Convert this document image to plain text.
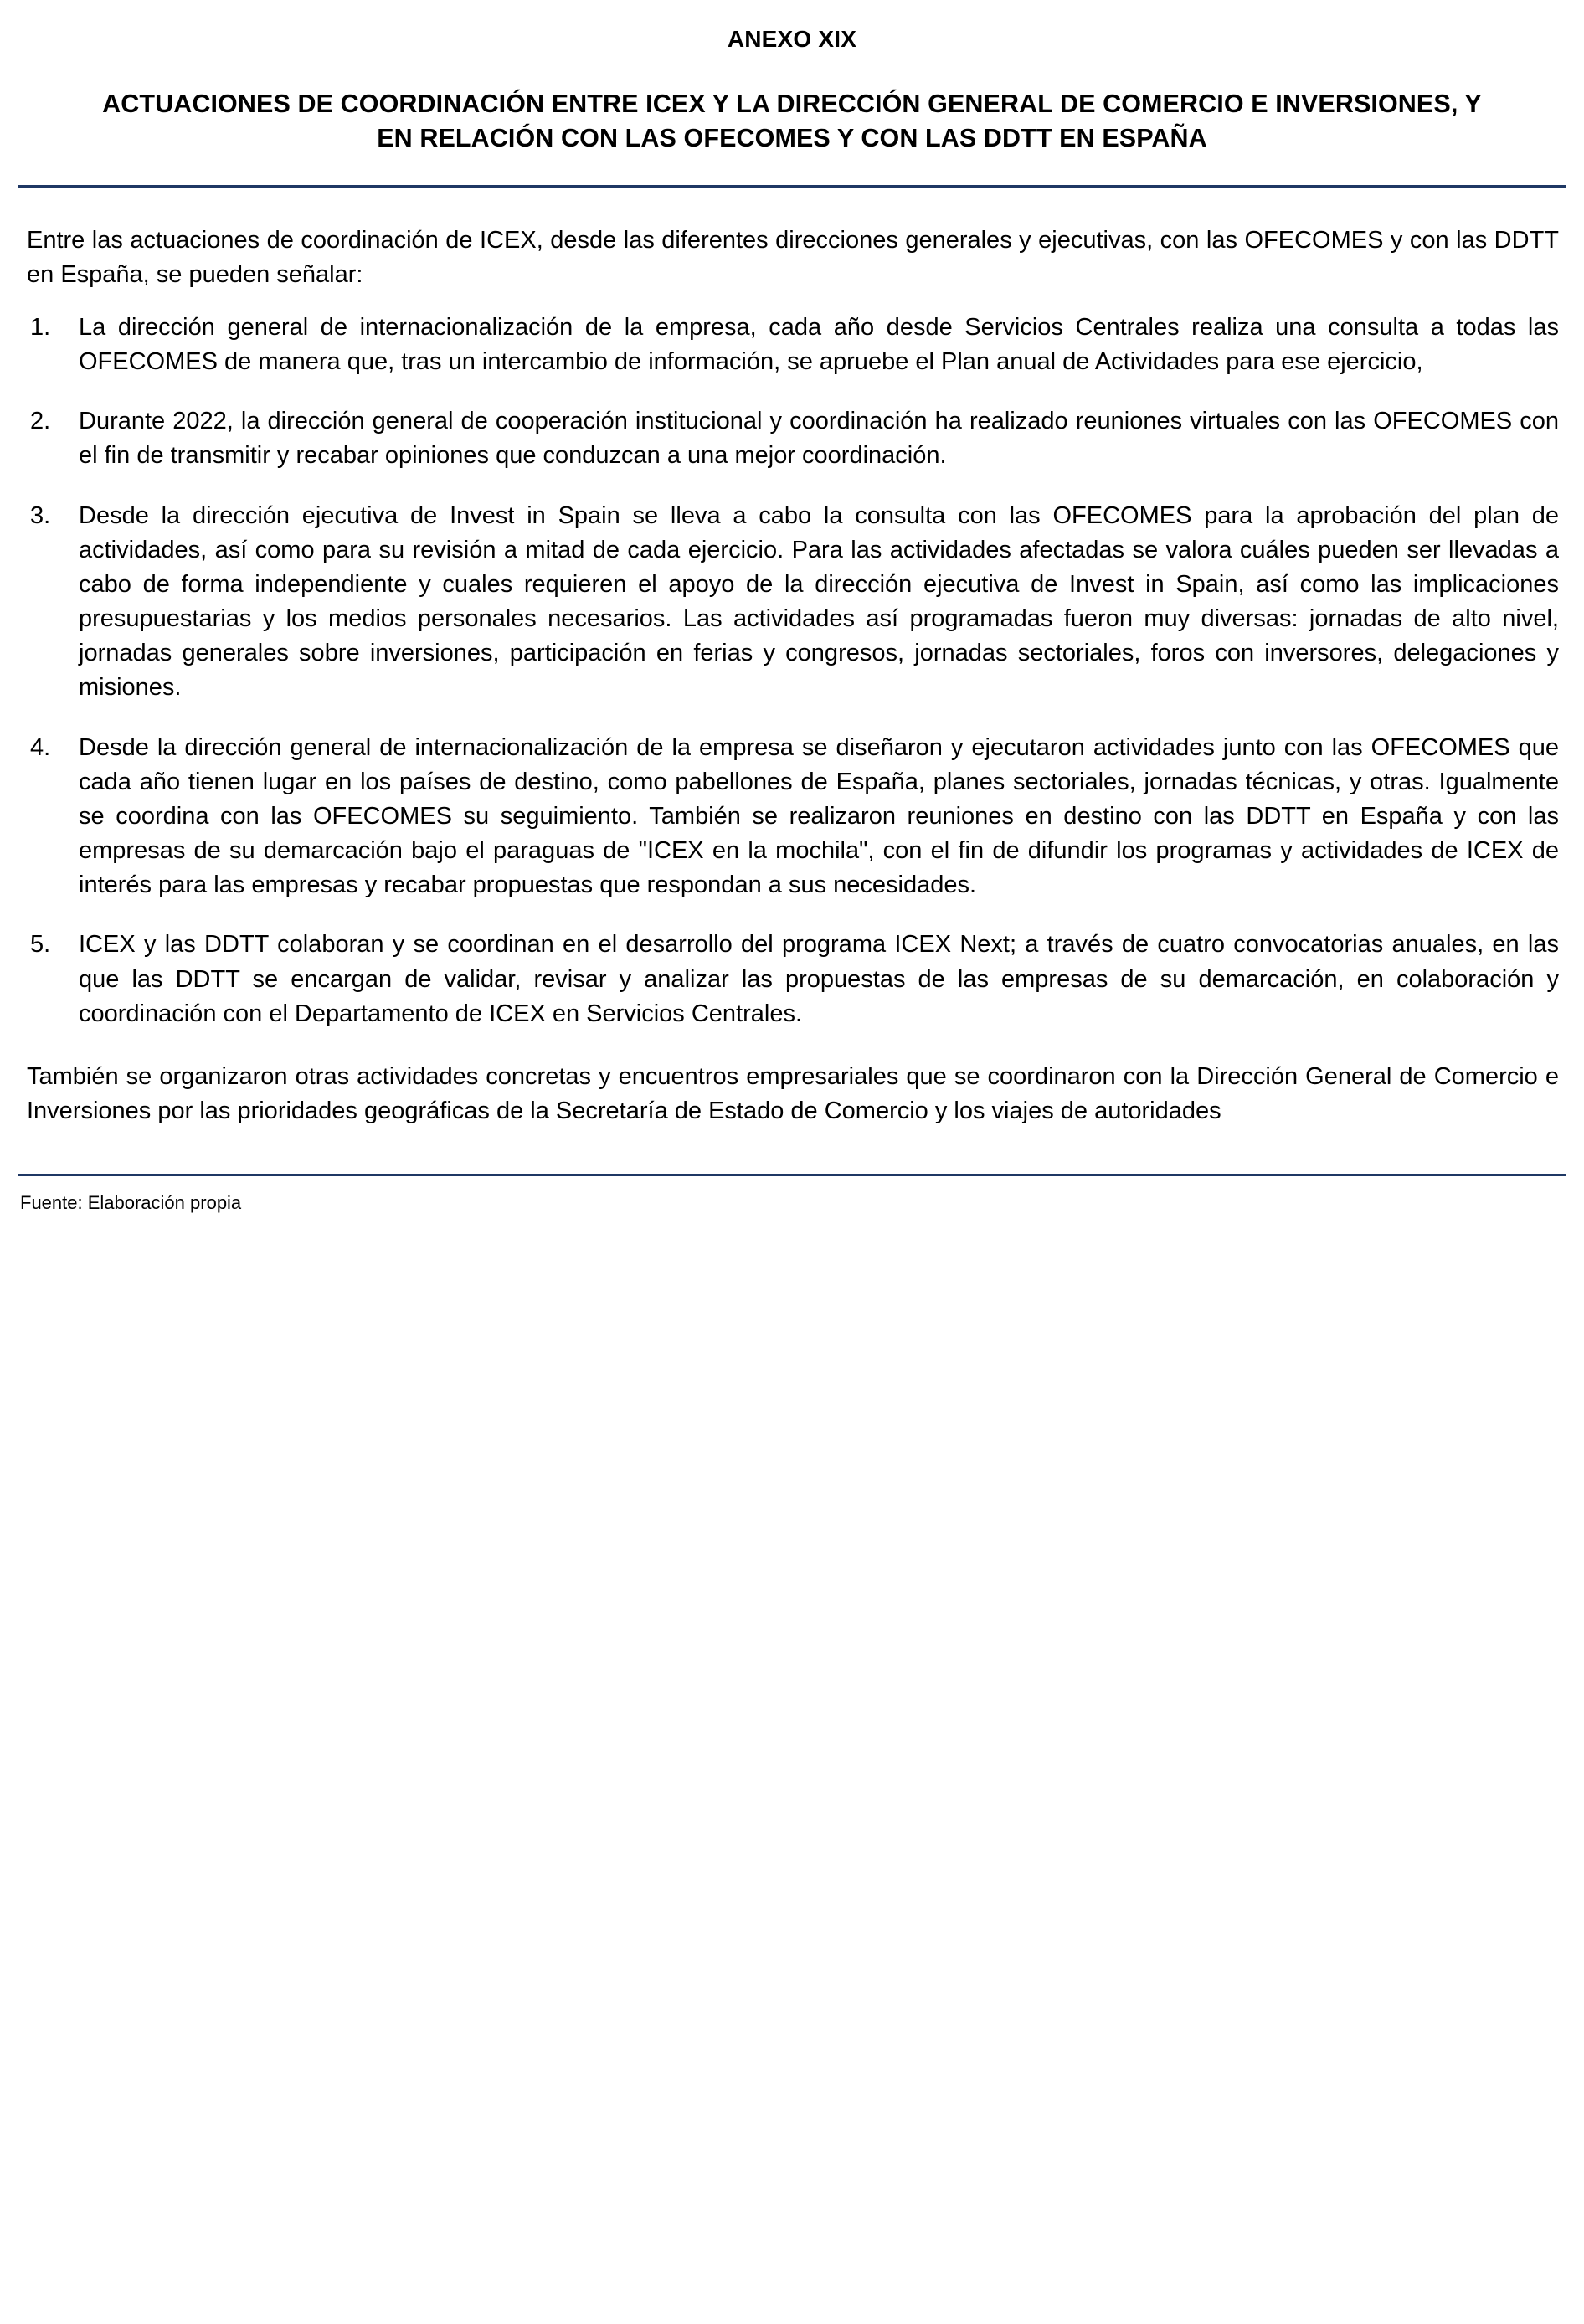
ANEXO XIX
ACTUACIONES DE COORDINACIÓN ENTRE ICEX Y LA DIRECCIÓN GENERAL DE COMERCIO E INVERSIONES, Y EN RELACIÓN CON LAS OFECOMES Y CON LAS DDTT EN ESPAÑA

Entre las actuaciones de coordinación de ICEX, desde las diferentes direcciones generales y ejecutivas, con las OFECOMES y con las DDTT en España, se pueden señalar:

La dirección general de internacionalización de la empresa, cada año desde Servicios Centrales realiza una consulta a todas las OFECOMES de manera que, tras un intercambio de información, se apruebe el Plan anual de Actividades para ese ejercicio,
Durante 2022, la dirección general de cooperación institucional y coordinación ha realizado reuniones virtuales con las OFECOMES con el fin de transmitir y recabar opiniones que conduzcan a una mejor coordinación.
Desde la dirección ejecutiva de Invest in Spain se lleva a cabo la consulta con las OFECOMES para la aprobación del plan de actividades, así como para su revisión a mitad de cada ejercicio. Para las actividades afectadas se valora cuáles pueden ser llevadas a cabo de forma independiente y cuales requieren el apoyo de la dirección ejecutiva de Invest in Spain, así como las implicaciones presupuestarias y los medios personales necesarios. Las actividades así programadas fueron muy diversas: jornadas de alto nivel, jornadas generales sobre inversiones, participación en ferias y congresos, jornadas sectoriales, foros con inversores, delegaciones y misiones.
Desde la dirección general de internacionalización de la empresa se diseñaron y ejecutaron actividades junto con las OFECOMES que cada año tienen lugar en los países de destino, como pabellones de España, planes sectoriales, jornadas técnicas, y otras. Igualmente se coordina con las OFECOMES su seguimiento. También se realizaron reuniones en destino con las DDTT en España y con las empresas de su demarcación bajo el paraguas de "ICEX en la mochila", con el fin de difundir los programas y actividades de ICEX de interés para las empresas y recabar propuestas que respondan a sus necesidades.
ICEX y las DDTT colaboran y se coordinan en el desarrollo del programa ICEX Next; a través de cuatro convocatorias anuales, en las que las DDTT se encargan de validar, revisar y analizar las propuestas de las empresas de su demarcación, en colaboración y coordinación con el Departamento de ICEX en Servicios Centrales.

También se organizaron otras actividades concretas y encuentros empresariales que se coordinaron con la Dirección General de Comercio e Inversiones por las prioridades geográficas de la Secretaría de Estado de Comercio y los viajes de autoridades

Fuente: Elaboración propia
